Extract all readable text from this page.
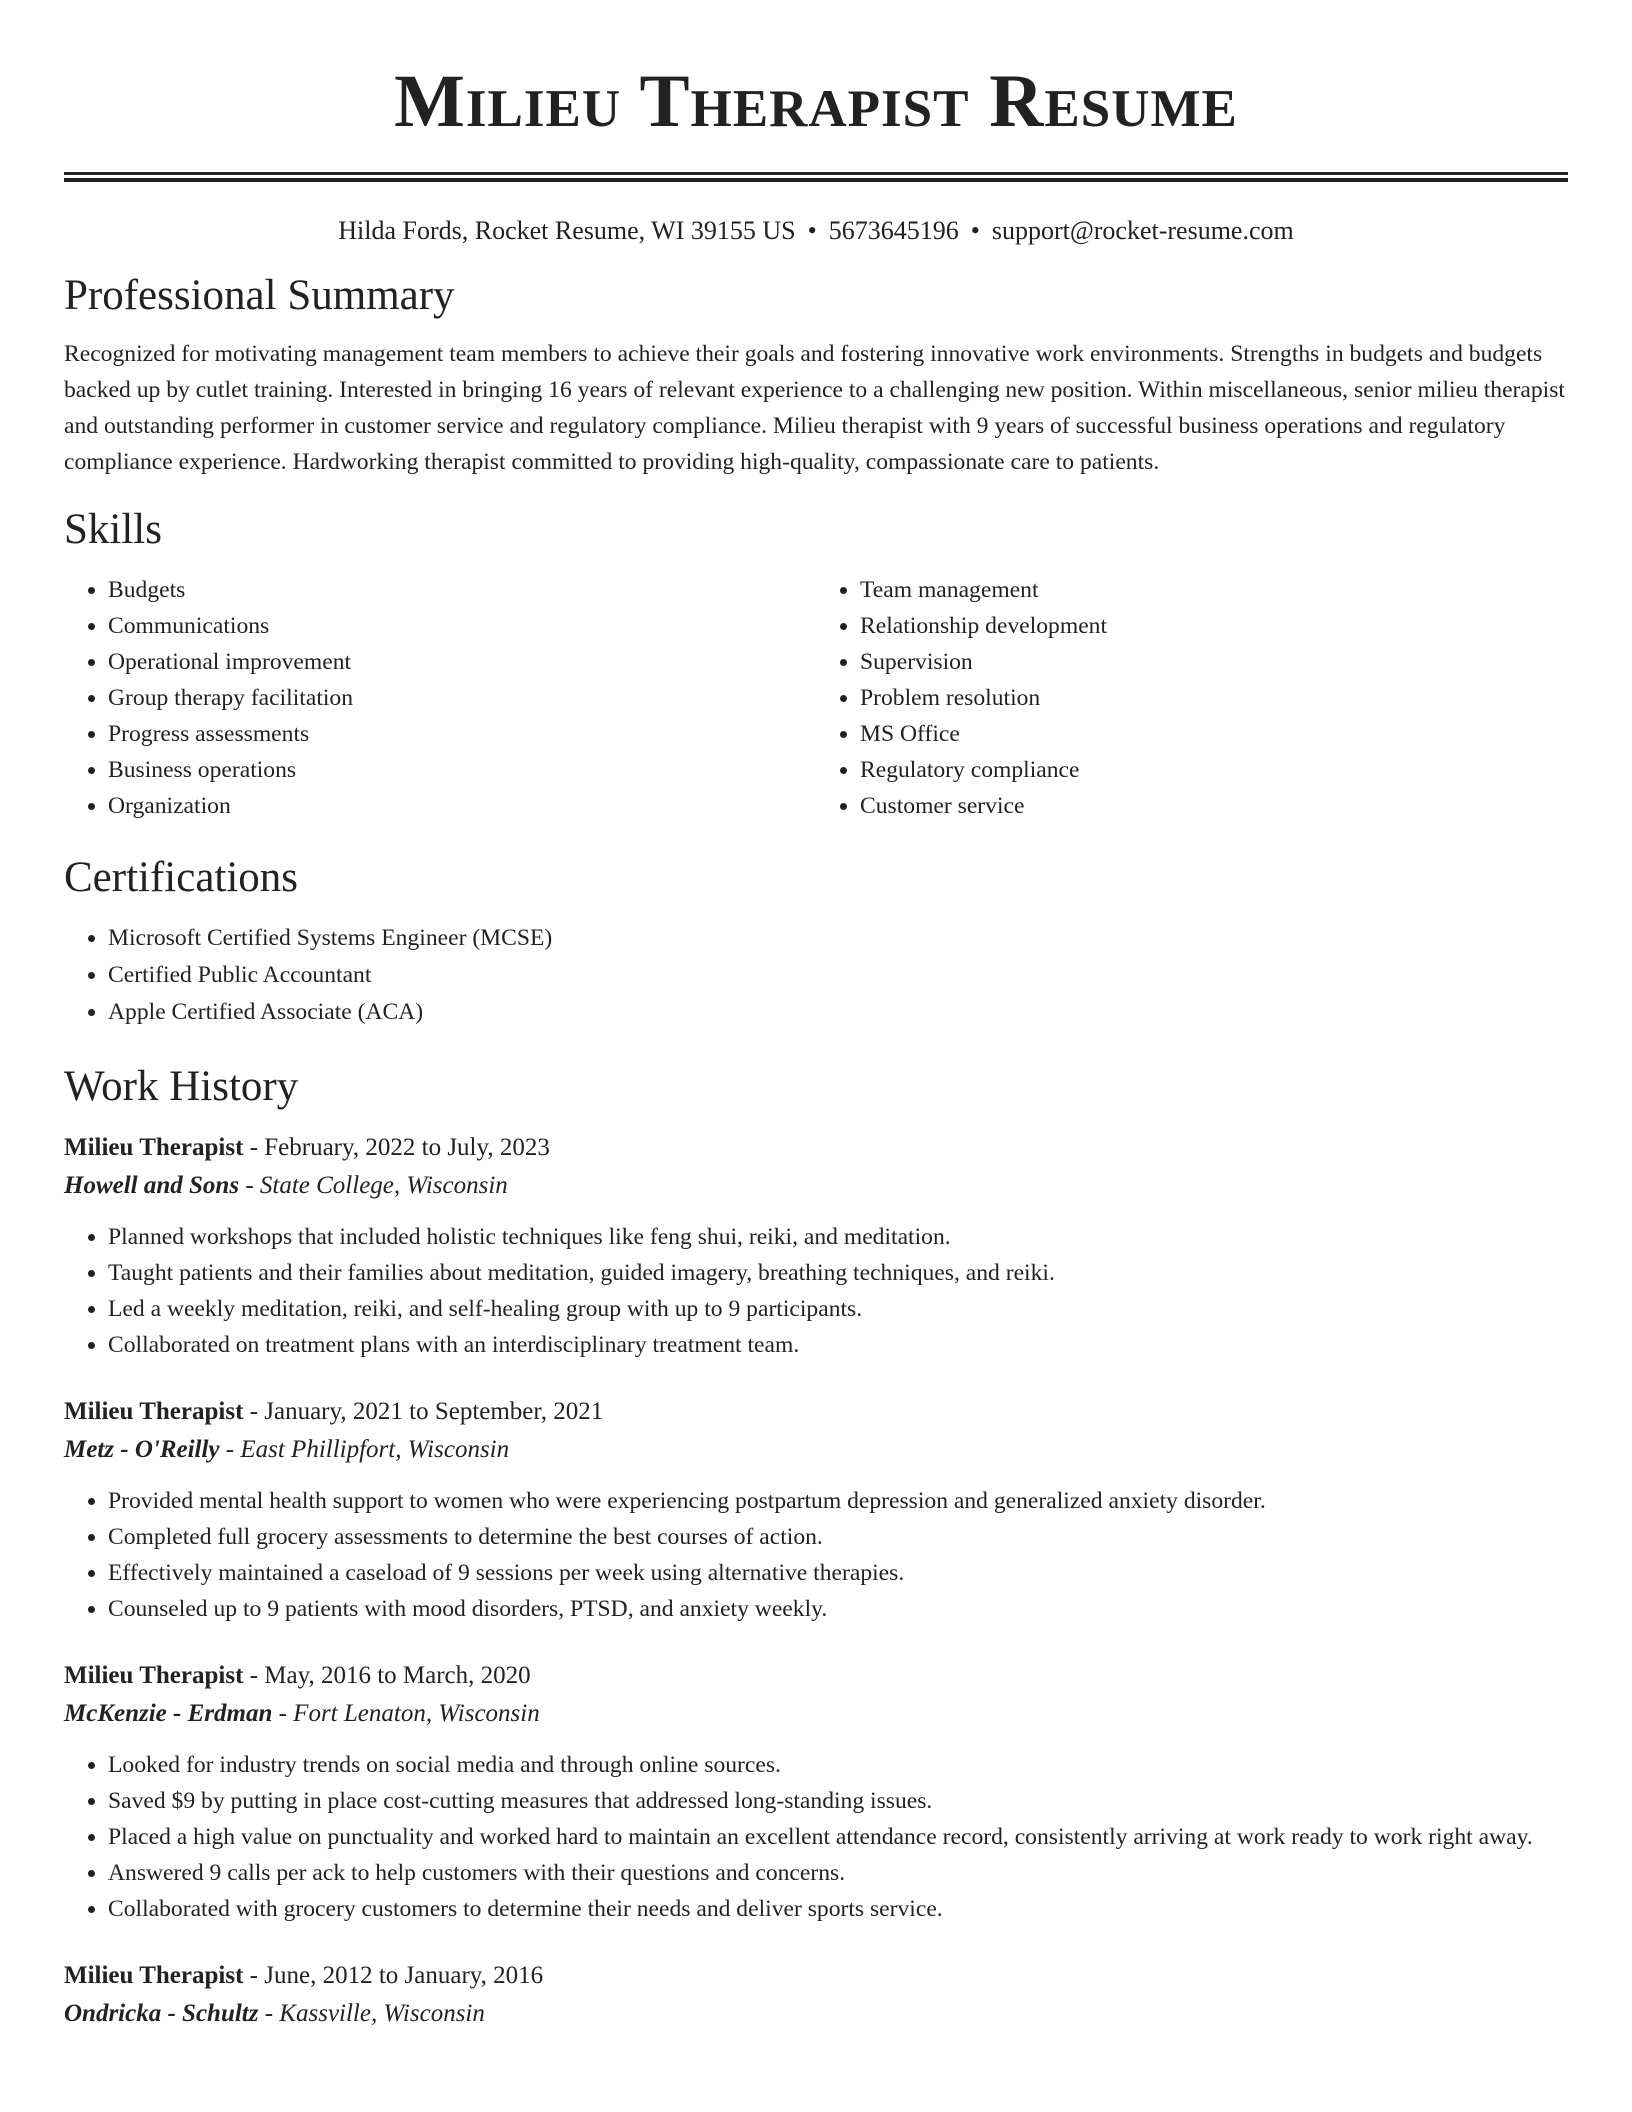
Milieu Therapist Resume
Hilda Fords, Rocket Resume, WI 39155 US • 5673645196 • support@rocket-resume.com
Professional Summary

Recognized for motivating management team members to achieve their goals and fostering innovative work environments. Strengths in budgets and budgets backed up by cutlet training. Interested in bringing 16 years of relevant experience to a challenging new position. Within miscellaneous, senior milieu therapist and outstanding performer in customer service and regulatory compliance. Milieu therapist with 9 years of successful business operations and regulatory compliance experience. Hardworking therapist committed to providing high-quality, compassionate care to patients.

Skills
• Budgets
• Communications
• Operational improvement
• Group therapy facilitation
• Progress assessments
• Business operations
• Organization
• Team management
• Relationship development
• Supervision
• Problem resolution
• MS Office
• Regulatory compliance
• Customer service
Certifications
• Microsoft Certified Systems Engineer (MCSE)
• Certified Public Accountant
• Apple Certified Associate (ACA)
Work History
Milieu Therapist - February, 2022 to July, 2023
Howell and Sons - State College, Wisconsin
• Planned workshops that included holistic techniques like feng shui, reiki, and meditation.
• Taught patients and their families about meditation, guided imagery, breathing techniques, and reiki.
• Led a weekly meditation, reiki, and self-healing group with up to 9 participants.
• Collaborated on treatment plans with an interdisciplinary treatment team.
Milieu Therapist - January, 2021 to September, 2021
Metz - O'Reilly - East Phillipfort, Wisconsin
• Provided mental health support to women who were experiencing postpartum depression and generalized anxiety disorder.
• Completed full grocery assessments to determine the best courses of action.
• Effectively maintained a caseload of 9 sessions per week using alternative therapies.
• Counseled up to 9 patients with mood disorders, PTSD, and anxiety weekly.
Milieu Therapist - May, 2016 to March, 2020
McKenzie - Erdman - Fort Lenaton, Wisconsin
• Looked for industry trends on social media and through online sources.
• Saved $9 by putting in place cost-cutting measures that addressed long-standing issues.
• Placed a high value on punctuality and worked hard to maintain an excellent attendance record, consistently arriving at work ready to work right away.
• Answered 9 calls per ack to help customers with their questions and concerns.
• Collaborated with grocery customers to determine their needs and deliver sports service.
Milieu Therapist - June, 2012 to January, 2016
Ondricka - Schultz - Kassville, Wisconsin
